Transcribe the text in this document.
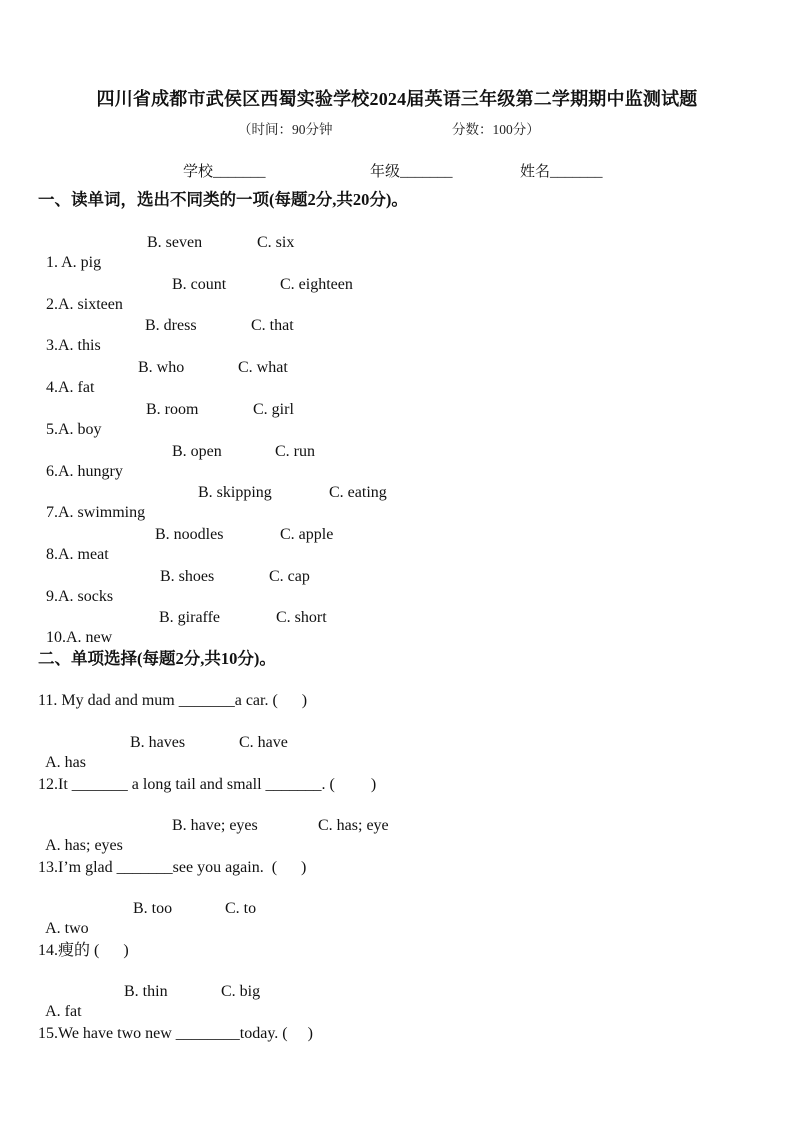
四川省成都市武侯区西蜀实验学校2024届英语三年级第二学期期中监测试题
（时间：90分钟	分数：100分）
学校_______	年级_______	姓名_______
一、读单词，选出不同类的一项(每题2分,共20分)。

1. A. pig

B. seven

	C. six

2.A. sixteen

B. count

	C. eighteen

3.A. this

B. dress

	C. that

4.A. fat

B. who

	C. what

5.A. boy

B. room

	C. girl

6.A. hungry

B. open

	C. run

7.A. swimming

B. skipping

	C. eating

8.A. meat

B. noodles

	C. apple

9.A. socks

B. shoes

	C. cap

10.A. new

B. giraffe

	C. short

二、单项选择(每题2分,共10分)。
11. My dad and mum _______a car. (      )

A. has

B. haves

	C. have

12.It _______ a long tail and small _______. (         )

A. has; eyes

B. have; eyes

	C. has; eye

13.I’m glad _______see you again.  (      )

A. two

B. too

	C. to

14.瘦的 (      )

A. fat

B. thin

	C. big

15.We have two new ________today. (     )
